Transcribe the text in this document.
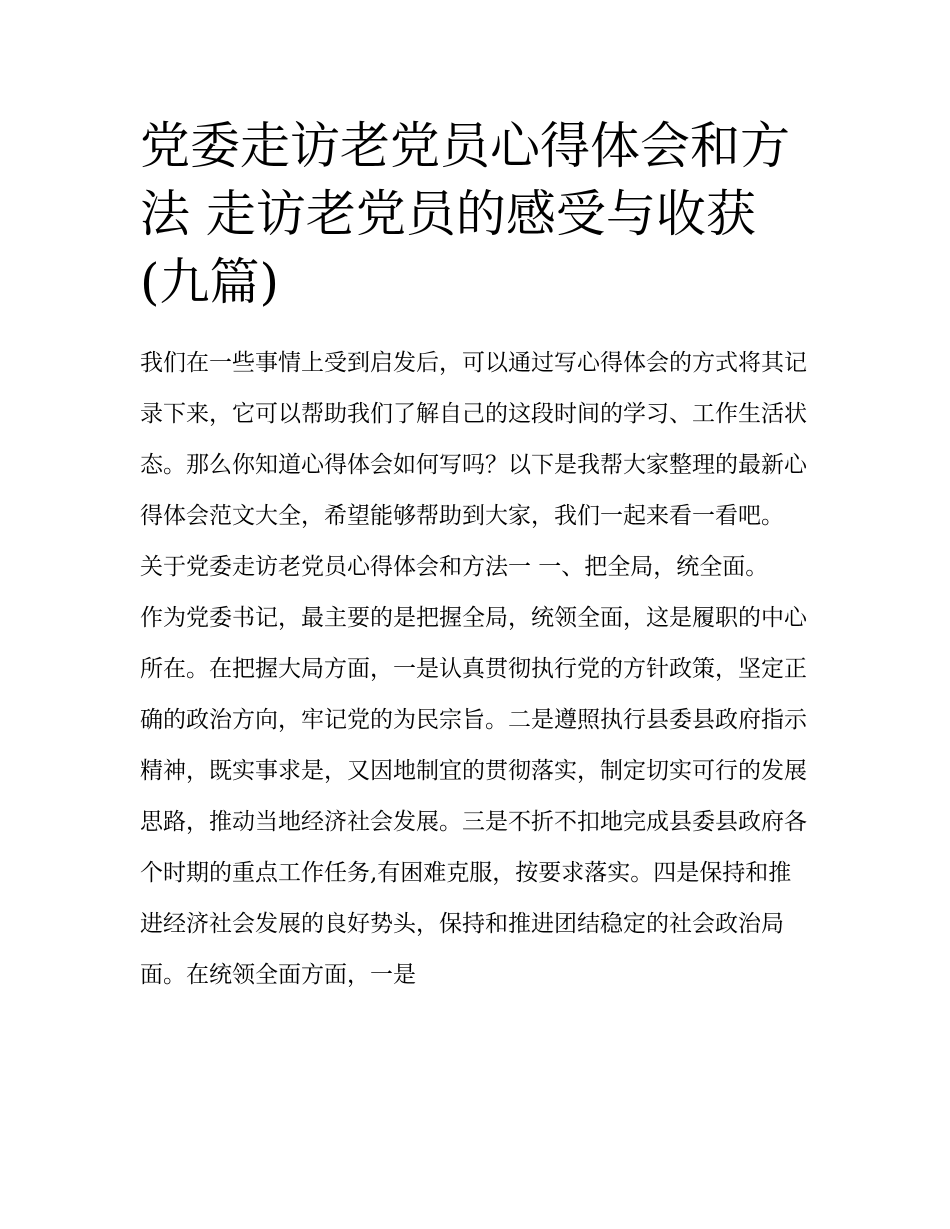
党委走访老党员心得体会和方法 走访老党员的感受与收获(九篇)

我们在一些事情上受到启发后，可以通过写心得体会的方式将其记录下来，它可以帮助我们了解自己的这段时间的学习、工作生活状态。那么你知道心得体会如何写吗？以下是我帮大家整理的最新心得体会范文大全，希望能够帮助到大家，我们一起来看一看吧。

关于党委走访老党员心得体会和方法一 一、把全局，统全面。

作为党委书记，最主要的是把握全局，统领全面，这是履职的中心所在。在把握大局方面，一是认真贯彻执行党的方针政策，坚定正确的政治方向，牢记党的为民宗旨。二是遵照执行县委县政府指示精神，既实事求是，又因地制宜的贯彻落实，制定切实可行的发展思路，推动当地经济社会发展。三是不折不扣地完成县委县政府各个时期的重点工作任务,有困难克服，按要求落实。四是保持和推进经济社会发展的良好势头，保持和推进团结稳定的社会政治局面。在统领全面方面，一是
